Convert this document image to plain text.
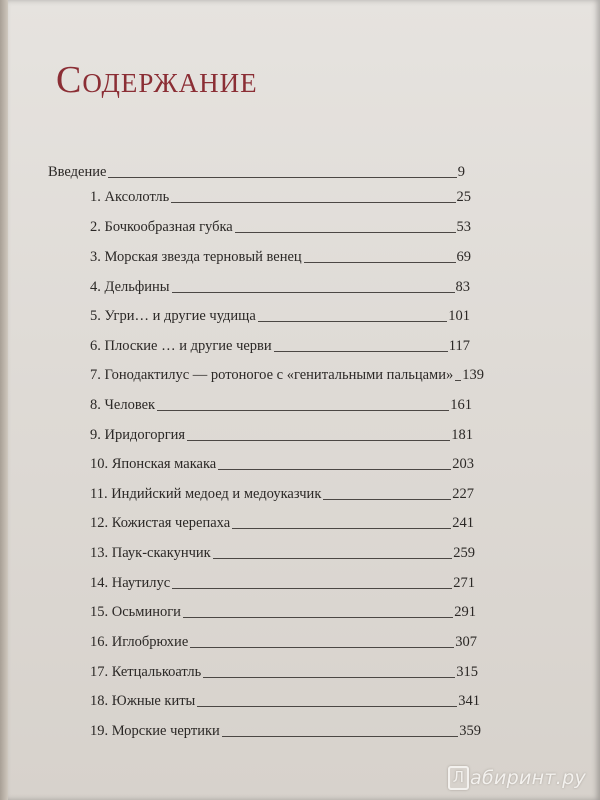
Содержание
Введение	9
1. Аксолотль	25
2. Бочкообразная губка	53
3. Морская звезда терновый венец	69
4. Дельфины	83
5. Угри… и другие чудища	101
6. Плоские … и другие черви	117
7. Гонодактилус — ротоногое с «генитальными пальцами» 139
8. Человек	161
9. Иридогоргия	181
10. Японская макака	203
11. Индийский медоед и медоуказчик	227
12. Кожистая черепаха	241
13. Паук-скакунчик	259
14. Наутилус	271
15. Осьминоги	291
16. Иглобрюхие	307
17. Кетцалькоатль	315
18. Южные киты	341
19. Морские чертики	359
Л абиринт.ру
